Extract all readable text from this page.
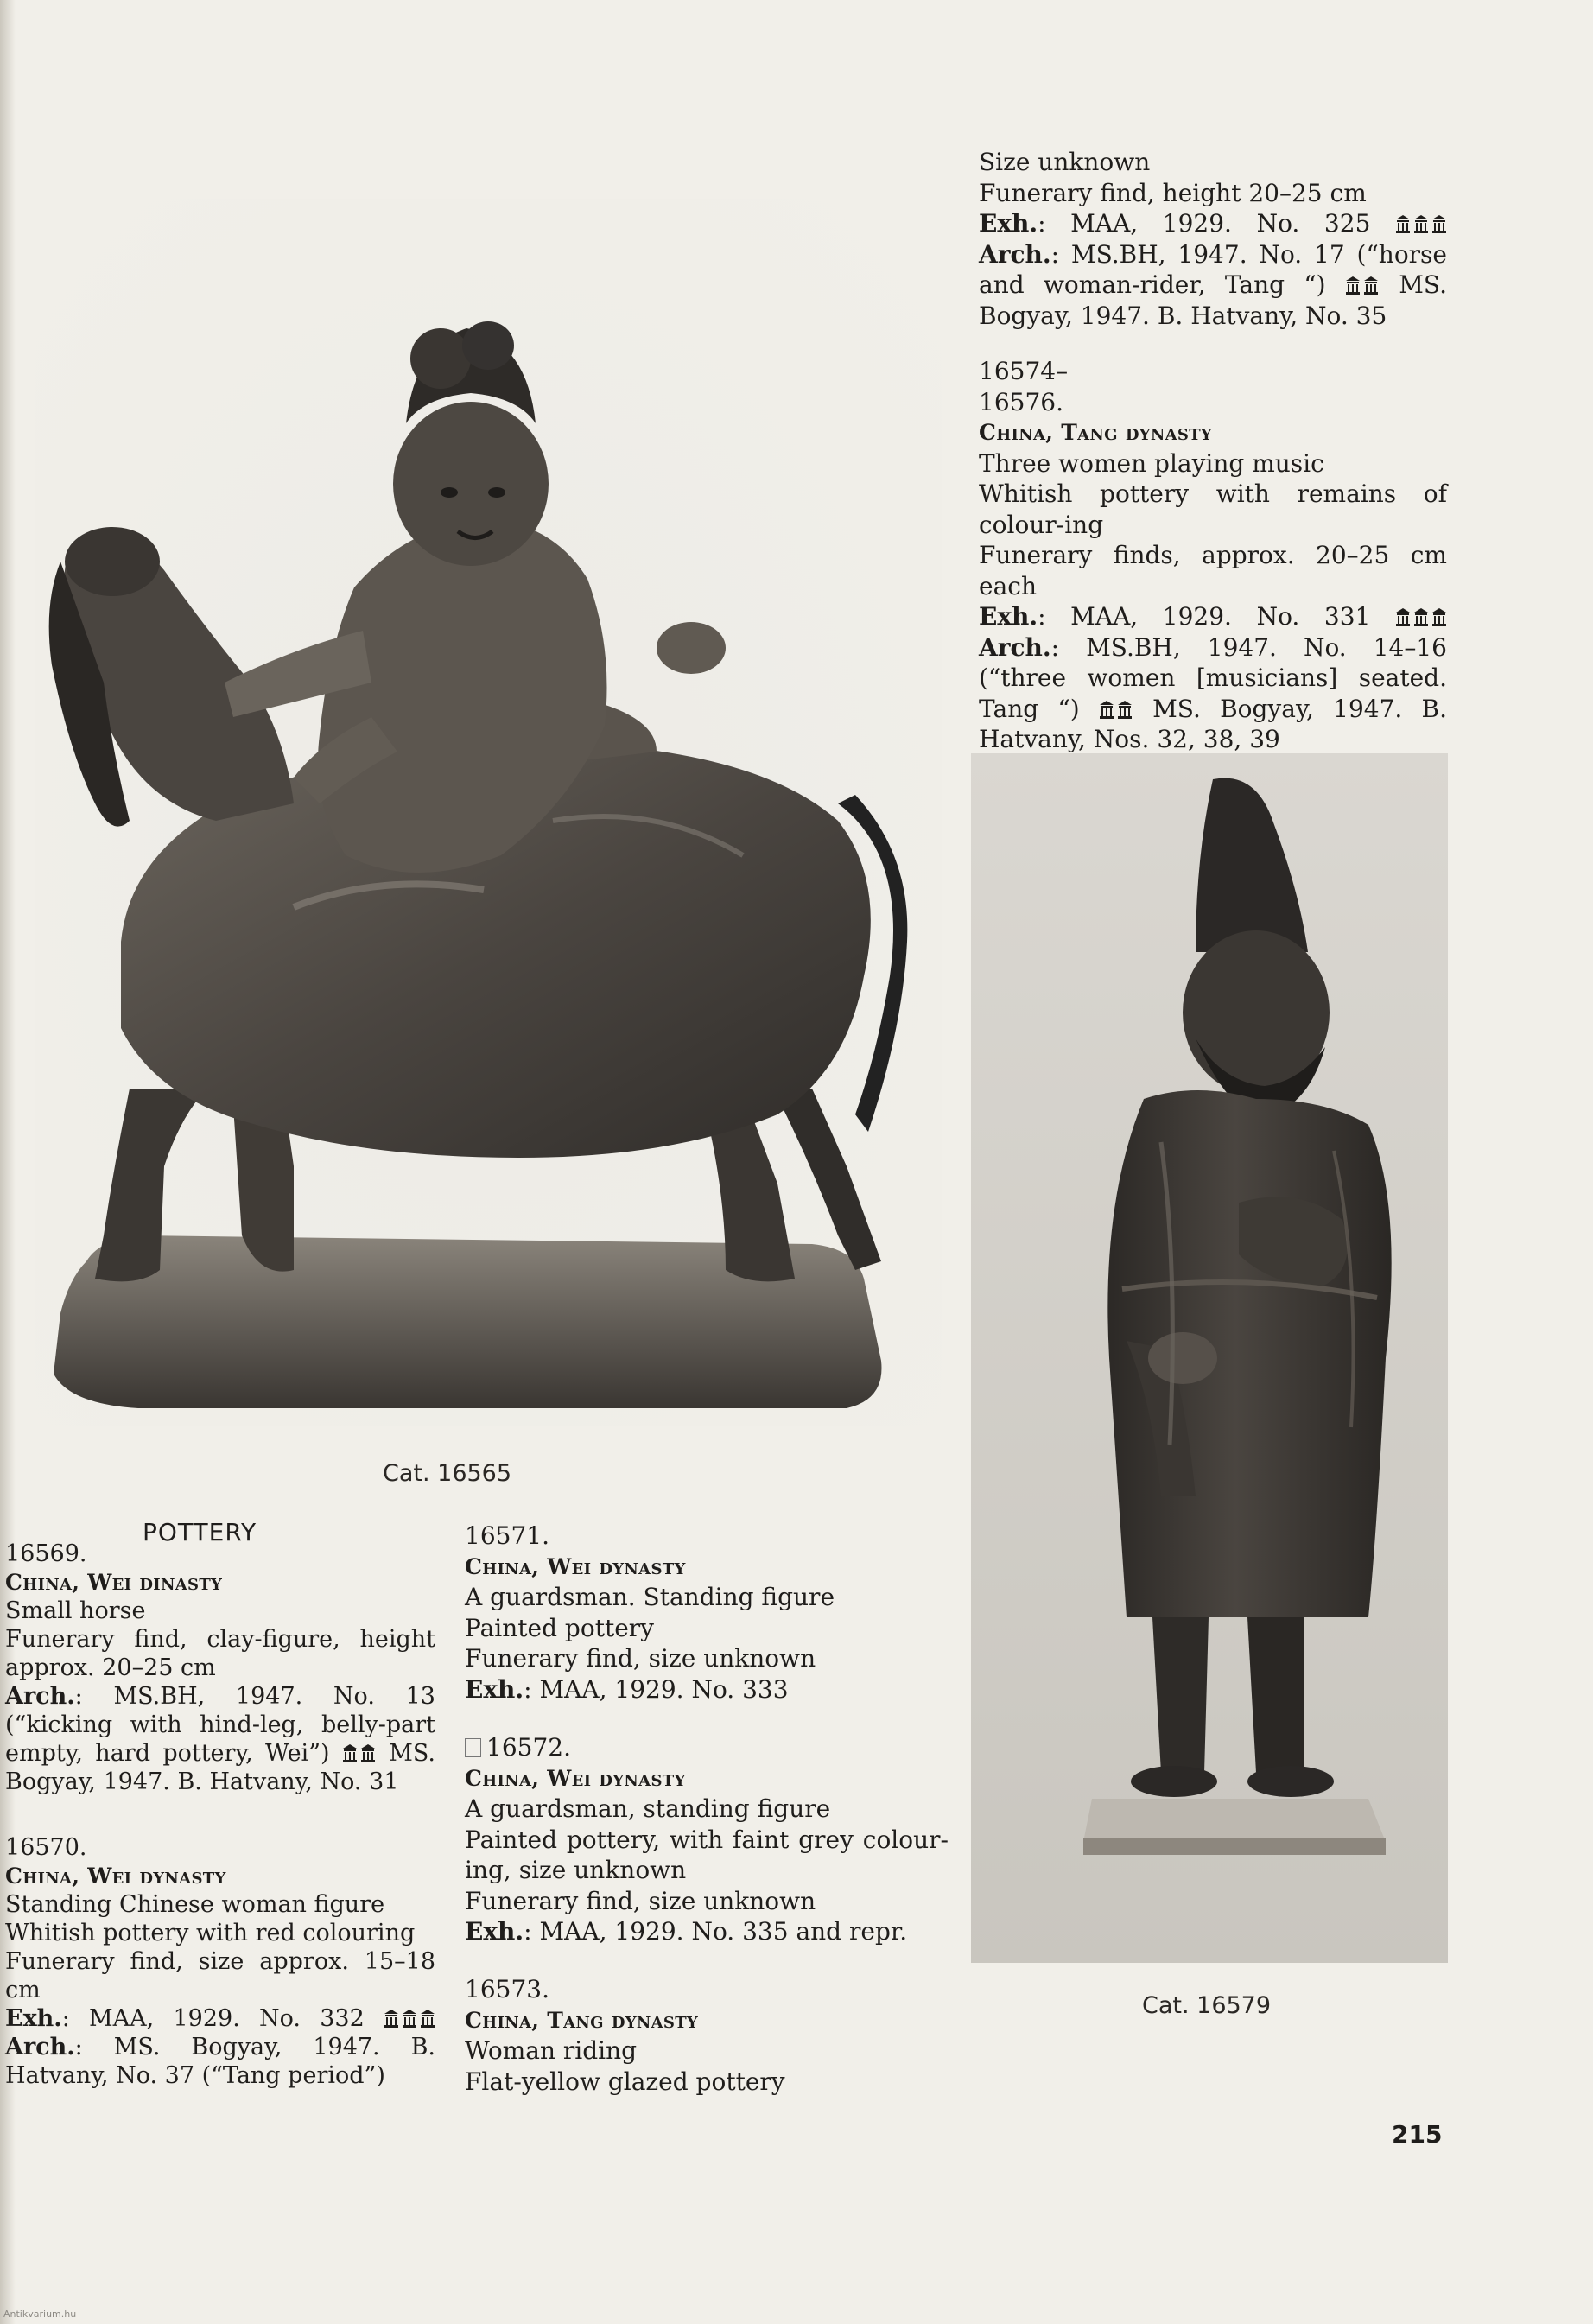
Size unknown

Funerary find, height 20–25 cm

Exh.: MAA, 1929. No. 325  Arch.: MS.BH, 1947. No. 17 (“horse and woman-rider, Tang “)	MS. Bogyay, 1947. B. Hatvany, No. 35

16574–

16576.

China, Tang dynasty

Three women playing music

Whitish pottery with remains of colour-ing

Funerary finds, approx. 20–25 cm each

Exh.: MAA, 1929. No. 331  Arch.: MS.BH, 1947. No. 14–16 (“three women [musicians] seated. Tang “)	MS. Bogyay, 1947. B. Hatvany, Nos. 32, 38, 39

Cat. 16565
Cat. 16579
POTTERY

16569.

China, Wei dinasty

Small horse

Funerary find, clay-figure, height approx. 20–25 cm

Arch.: MS.BH, 1947. No. 13 (“kicking with hind-leg, belly-part empty, hard pottery, Wei”)	MS. Bogyay, 1947. B. Hatvany, No. 31

16570.

China, Wei dynasty

Standing Chinese woman figure

Whitish pottery with red colouring

Funerary find, size approx. 15–18 cm

Exh.: MAA, 1929. No. 332  Arch.: MS. Bogyay, 1947. B. Hatvany, No. 37 (“Tang period”)

16571.

China, Wei dynasty

A guardsman. Standing figure

Painted pottery

Funerary find, size unknown

Exh.: MAA, 1929. No. 333

16572.

China, Wei dynasty

A guardsman, standing figure

Painted pottery, with faint grey colour-ing, size unknown

Funerary find, size unknown

Exh.: MAA, 1929. No. 335 and repr.

16573.

China, Tang dynasty

Woman riding

Flat-yellow glazed pottery

215
Antikvarium.hu
